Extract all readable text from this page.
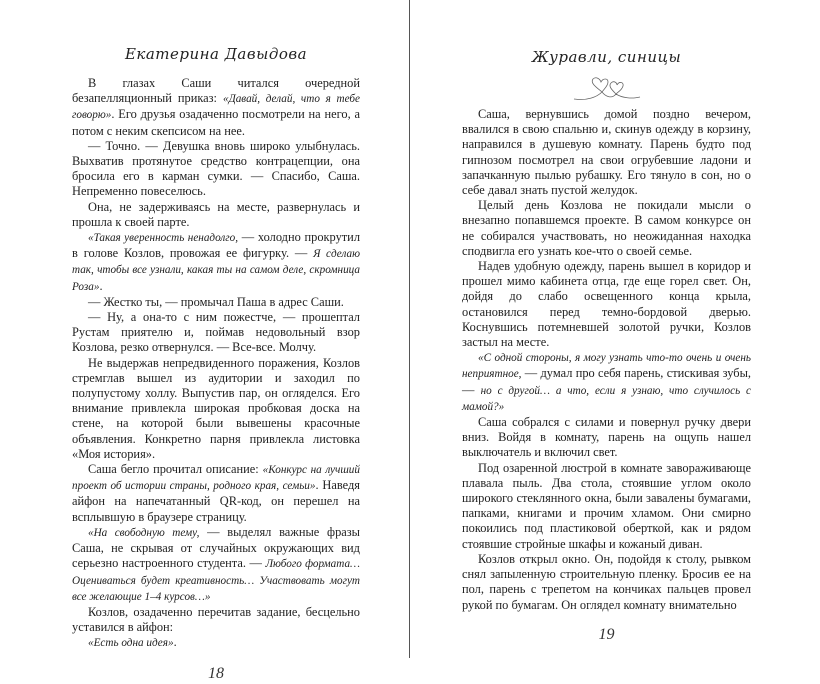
Екатерина Давыдова

В глазах Саши читался очередной безапелляционный приказ: «Давай, делай, что я тебе говорю». Его друзья озадаченно посмотрели на него, а потом с неким скепсисом на нее.

— Точно. — Девушка вновь широко улыбнулась. Выхватив протянутое средство контрацепции, она бросила его в карман сумки. — Спасибо, Саша. Непременно повеселюсь.

Она, не задерживаясь на месте, развернулась и прошла к своей парте.

«Такая уверенность ненадолго, — холодно прокрутил в голове Козлов, провожая ее фигурку. — Я сделаю так, чтобы все узнали, какая ты на самом деле, скромница Роза».

— Жестко ты, — промычал Паша в адрес Саши.

— Ну, а она-то с ним пожестче, — прошептал Рустам приятелю и, поймав недовольный взор Козлова, резко отвернулся. — Все-все. Молчу.

Не выдержав непредвиденного поражения, Козлов стремглав вышел из аудитории и заходил по полупустому холлу. Выпустив пар, он огляделся. Его внимание привлекла широкая пробковая доска на стене, на которой были вывешены красочные объявления. Конкретно парня привлекла листовка «Моя история».

Саша бегло прочитал описание: «Конкурс на лучший проект об истории страны, родного края, семьи». Наведя айфон на напечатанный QR-код, он перешел на всплывшую в браузере страницу.

«На свободную тему, — выделял важные фразы Саша, не скрывая от случайных окружающих вид серьезно настроенного студента. — Любого формата… Оцениваться будет креативность… Участвовать могут все желающие 1–4 курсов…»

Козлов, озадаченно перечитав задание, бесцельно уставился в айфон:

«Есть одна идея».

18
Журавли, синицы

Саша, вернувшись домой поздно вечером, ввалился в свою спальню и, скинув одежду в корзину, направился в душевую комнату. Парень будто под гипнозом посмотрел на свои огрубевшие ладони и запачканную пылью рубашку. Его тянуло в сон, но о себе давал знать пустой желудок.

Целый день Козлова не покидали мысли о внезапно попавшемся проекте. В самом конкурсе он не собирался участвовать, но неожиданная находка сподвигла его узнать кое-что о своей семье.

Надев удобную одежду, парень вышел в коридор и прошел мимо кабинета отца, где еще горел свет. Он, дойдя до слабо освещенного конца крыла, остановился перед темно-бордовой дверью. Коснувшись потемневшей золотой ручки, Козлов застыл на месте.

«С одной стороны, я могу узнать что-то очень и очень неприятное, — думал про себя парень, стискивая зубы, — но с другой… а что, если я узнаю, что случилось с мамой?»

Саша собрался с силами и повернул ручку двери вниз. Войдя в комнату, парень на ощупь нашел выключатель и включил свет.

Под озаренной люстрой в комнате завораживающе плавала пыль. Два стола, стоявшие углом около широкого стеклянного окна, были завалены бумагами, папками, книгами и прочим хламом. Они смирно покоились под пластиковой оберткой, как и рядом стоявшие стройные шкафы и кожаный диван.

Козлов открыл окно. Он, подойдя к столу, рывком снял запыленную строительную пленку. Бросив ее на пол, парень с трепетом на кончиках пальцев провел рукой по бумагам. Он оглядел комнату внимательно

19
